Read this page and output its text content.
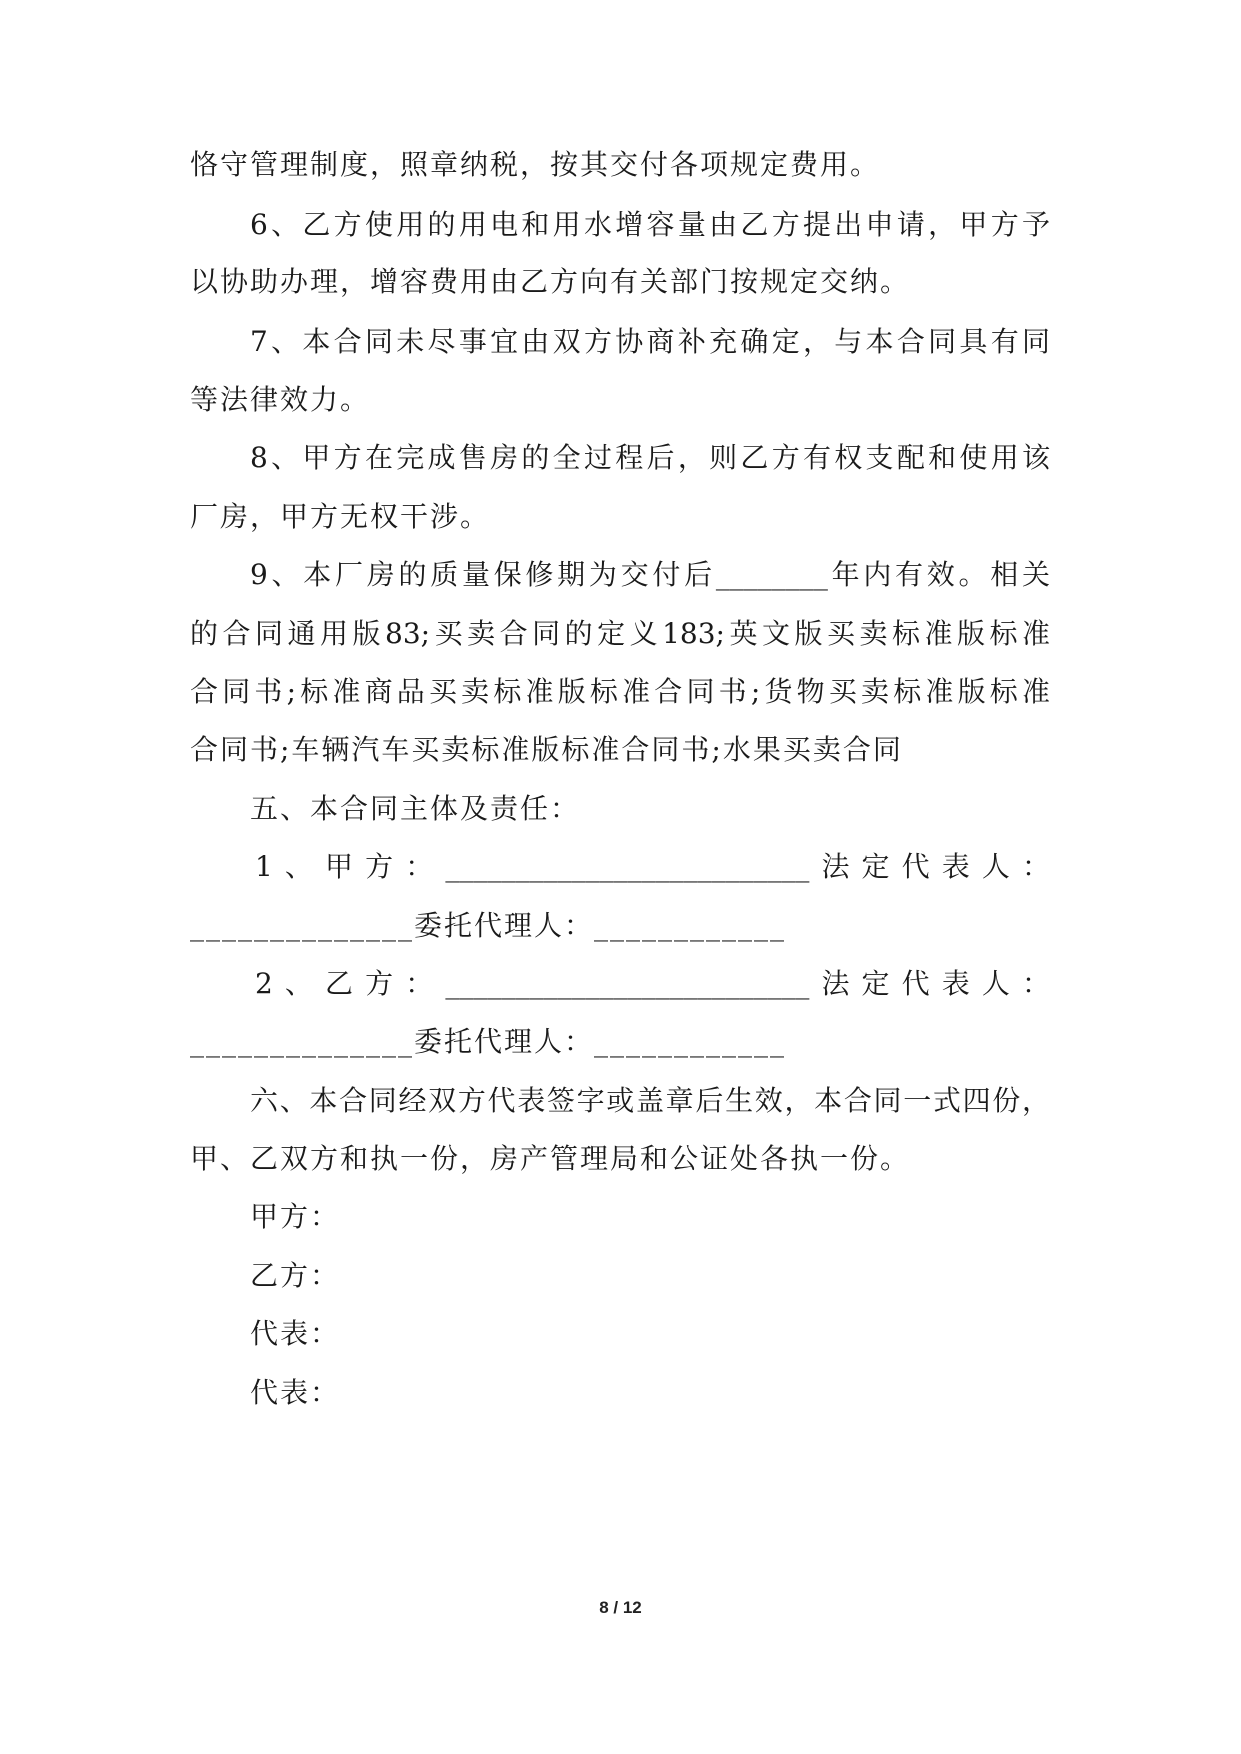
恪守管理制度，照章纳税，按其交付各项规定费用。
6、乙方使用的用电和用水增容量由乙方提出申请，甲方予
以协助办理，增容费用由乙方向有关部门按规定交纳。
7、本合同未尽事宜由双方协商补充确定，与本合同具有同
等法律效力。
8、甲方在完成售房的全过程后，则乙方有权支配和使用该
厂房，甲方无权干涉。
9、本厂房的质量保修期为交付后________年内有效。相关
的合同通用版83;买卖合同的定义183;英文版买卖标准版标准
合同书;标准商品买卖标准版标准合同书;货物买卖标准版标准
合同书;车辆汽车买卖标准版标准合同书;水果买卖合同
五、本合同主体及责任：
1、甲方：__________________________法定代表人：
______________委托代理人：____________
2、乙方：__________________________法定代表人：
______________委托代理人：____________
六、本合同经双方代表签字或盖章后生效，本合同一式四份，
甲、乙双方和执一份，房产管理局和公证处各执一份。
甲方：
乙方：
代表：
代表：
8 / 12
